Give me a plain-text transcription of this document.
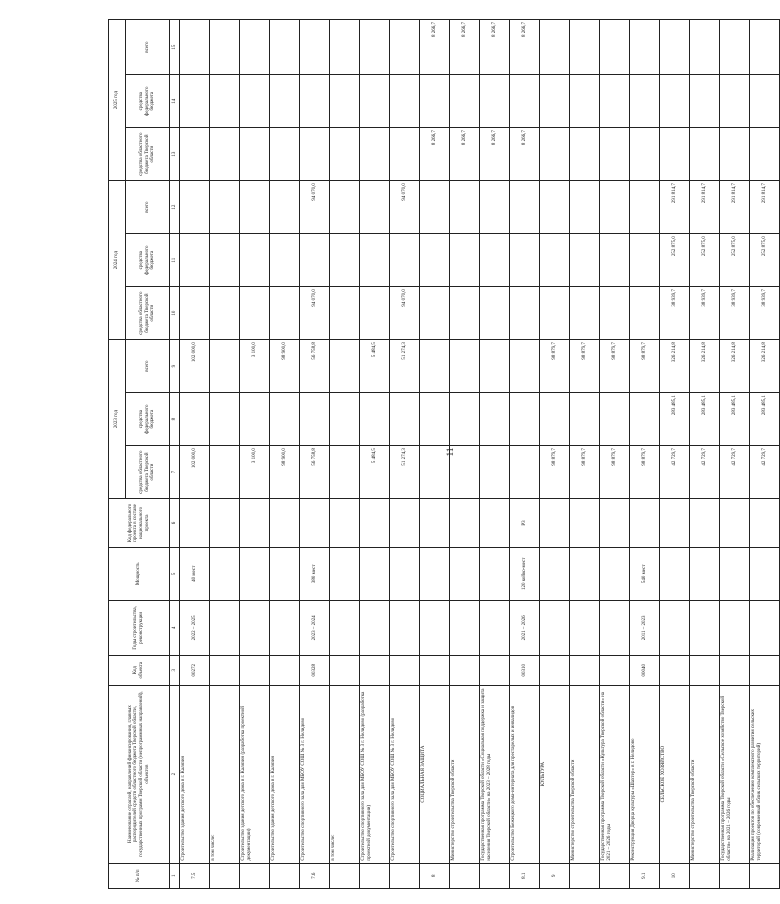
11
№ п/п	Наименование отраслей, направлений финансирования, главных распорядителей средств областного бюджета Тверской области, государственных программ Тверской области (непрограммных направлений), объектов	Код объекта	Годы строительства, реконструкции	Мощность	Код федерального проекта в составе национального проекта	2023 год			2024 год			2025 год		
						средства областного бюджета Тверской области	средства федерального бюджета	всего	средства областного бюджета Тверской области	средства федерального бюджета	всего	средства областного бюджета Тверской области	средства федерального бюджета	всего
1	2	3	4	5	6	7	8	9	10	11	12	13	14	15
7.5	Строительство здания детского дома в г. Калязин	00272	2022 – 2025	40 мест		102 000,0		102 000,0						
	в том числе:													
	Строительство здания детского дома в г. Калязин (разработка проектной документации)					3 100,0		3 100,0						
	Строительство здания детского дома в г. Калязин					98 900,0		98 900,0						
7.6	Строительство спортивного зала для МБОУ СОШ № 3 г. Нелидово	00328	2023 – 2024	380 мест		56 758,8		56 758,8	94 070,0		94 070,0			
	в том числе:													
	Строительство спортивного зала для МБОУ СОШ № 3 г. Нелидово (разработка проектной документации)					5 484,5		5 484,5						
	Строительство спортивного зала для МБОУ СОШ № 3 г. Нелидово					51 274,3		51 274,3	94 070,0		94 070,0			
8	СОЦИАЛЬНАЯ ЗАЩИТА											8 266,7		8 266,7
	Министерство строительства Тверской области											8 266,7		8 266,7
	Государственная программа Тверской области «Социальная поддержка и защита населения Тверской области» на 2023 – 2028 годы											8 266,7		8 266,7
8.1	Строительство Бежецкого дома-интерната для престарелых и инвалидов	00310	2021 – 2026	120 койко-мест	Р3							8 266,7		8 266,7
9	КУЛЬТУРА					98 879,7		98 879,7						
	Министерство строительства Тверской области					98 879,7		98 879,7						
	Государственная программа Тверской области «Культура Тверской области» на 2021 – 2026 годы					98 879,7		98 879,7						
9.1	Реконструкция Дворца культуры «Шахтер» в г. Нелидово	00040	2011 – 2023	540 мест		98 879,7		98 879,7						
10	СЕЛЬСКОЕ ХОЗЯЙСТВО					42 729,7	283 485,1	326 214,8	38 939,7	252 875,0	291 814,7			
	Министерство строительства Тверской области					42 729,7	283 485,1	326 214,8	38 939,7	252 875,0	291 814,7			
	Государственная программа Тверской области «Сельское хозяйство Тверской области» на 2021 – 2026 годы					42 729,7	283 485,1	326 214,8	38 939,7	252 875,0	291 814,7			
	Реализация проектов по обеспечению комплексного развития сельских территорий (современный облик сельских территорий)					42 729,7	283 485,1	326 214,8	38 939,7	252 875,0	291 814,7			
